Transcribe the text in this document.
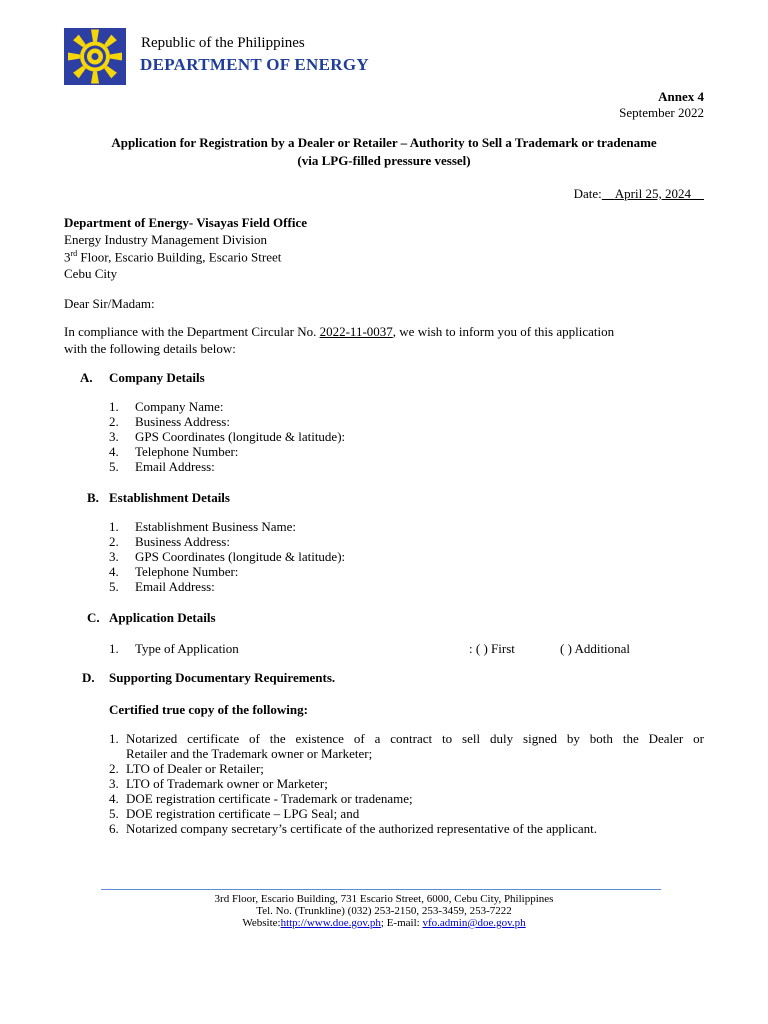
Republic of the Philippines
DEPARTMENT OF ENERGY
Annex 4
September 2022
Application for Registration by a Dealer or Retailer – Authority to Sell a Trademark or tradename
(via LPG-filled pressure vessel)
Date: April 25, 2024
Department of Energy- Visayas Field Office
Energy Industry Management Division
3rd Floor, Escario Building, Escario Street
Cebu City
Dear Sir/Madam:
In compliance with the Department Circular No. 2022-11-0037, we wish to inform you of this application
with the following details below:
A. Company Details
1. Company Name:
2. Business Address:
3. GPS Coordinates (longitude & latitude):
4. Telephone Number:
5. Email Address:
B. Establishment Details
1. Establishment Business Name:
2. Business Address:
3. GPS Coordinates (longitude & latitude):
4. Telephone Number:
5. Email Address:
C. Application Details
1. Type of Application	: ( ) First	( ) Additional
D. Supporting Documentary Requirements.
Certified true copy of the following:
1. Notarized certificate of the existence of a contract to sell duly signed by both the Dealer or
Retailer and the Trademark owner or Marketer;
2. LTO of Dealer or Retailer;
3. LTO of Trademark owner or Marketer;
4. DOE registration certificate - Trademark or tradename;
5. DOE registration certificate – LPG Seal; and
6. Notarized company secretary’s certificate of the authorized representative of the applicant.
3rd Floor, Escario Building, 731 Escario Street, 6000, Cebu City, Philippines
Tel. No. (Trunkline) (032) 253-2150, 253-3459, 253-7222
Website:http://www.doe.gov.ph; E-mail: vfo.admin@doe.gov.ph
